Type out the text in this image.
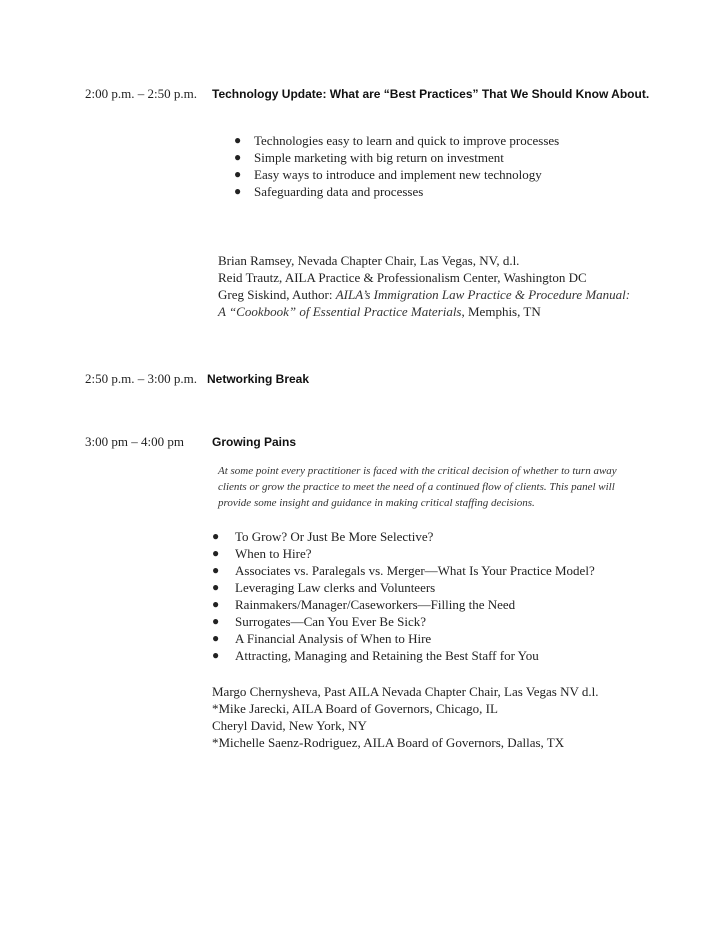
2:00 p.m. – 2:50 p.m. Technology Update: What are “Best Practices” That We Should Know About.
● Technologies easy to learn and quick to improve processes
● Simple marketing with big return on investment
● Easy ways to introduce and implement new technology
● Safeguarding data and processes
Brian Ramsey, Nevada Chapter Chair, Las Vegas, NV, d.l.
Reid Trautz, AILA Practice & Professionalism Center, Washington DC
Greg Siskind, Author: AILA’s Immigration Law Practice & Procedure Manual:
A “Cookbook” of Essential Practice Materials, Memphis, TN
2:50 p.m. – 3:00 p.m. Networking Break
3:00 pm – 4:00 pm Growing Pains
At some point every practitioner is faced with the critical decision of whether to turn away clients or grow the practice to meet the need of a continued flow of clients. This panel will provide some insight and guidance in making critical staffing decisions.
● To Grow? Or Just Be More Selective?
● When to Hire?
● Associates vs. Paralegals vs. Merger—What Is Your Practice Model?
● Leveraging Law clerks and Volunteers
● Rainmakers/Manager/Caseworkers—Filling the Need
● Surrogates—Can You Ever Be Sick?
● A Financial Analysis of When to Hire
● Attracting, Managing and Retaining the Best Staff for You
Margo Chernysheva, Past AILA Nevada Chapter Chair, Las Vegas NV d.l.
*Mike Jarecki, AILA Board of Governors, Chicago, IL
Cheryl David, New York, NY
*Michelle Saenz-Rodriguez, AILA Board of Governors, Dallas, TX
